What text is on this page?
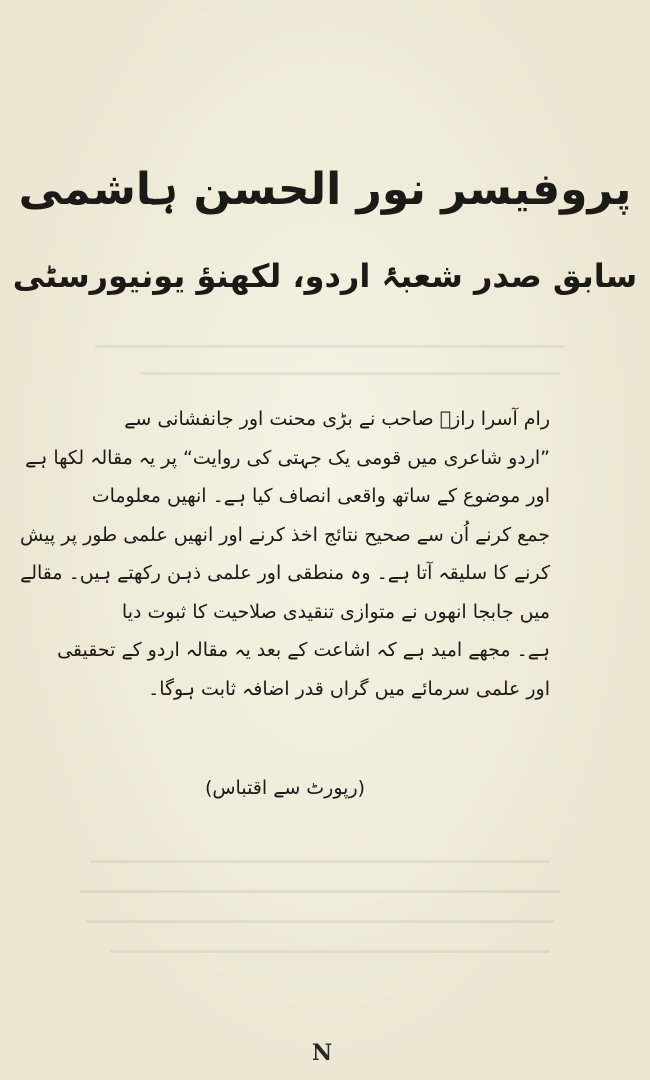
پروفیسر نور الحسن ہاشمی
سابق صدر شعبۂ اردو، لکھنؤ یونیورسٹی
رام آسرا رازؔ صاحب نے بڑی محنت اور جانفشانی سے
”اردو شاعری میں قومی یک جہتی کی روایت“ پر یہ مقالہ لکھا ہے
اور موضوع کے ساتھ واقعی انصاف کیا ہے۔ انھیں معلومات
جمع کرنے اُن سے صحیح نتائج اخذ کرنے اور انھیں علمی طور پر پیش
کرنے کا سلیقہ آتا ہے۔ وہ منطقی اور علمی ذہن رکھتے ہیں۔ مقالے
میں جابجا انھوں نے متوازی تنقیدی صلاحیت کا ثبوت دیا
ہے۔ مجھے امید ہے کہ اشاعت کے بعد یہ مقالہ اردو کے تحقیقی
اور علمی سرمائے میں گراں قدر اضافہ ثابت ہوگا۔
(رپورٹ سے اقتباس)
N
